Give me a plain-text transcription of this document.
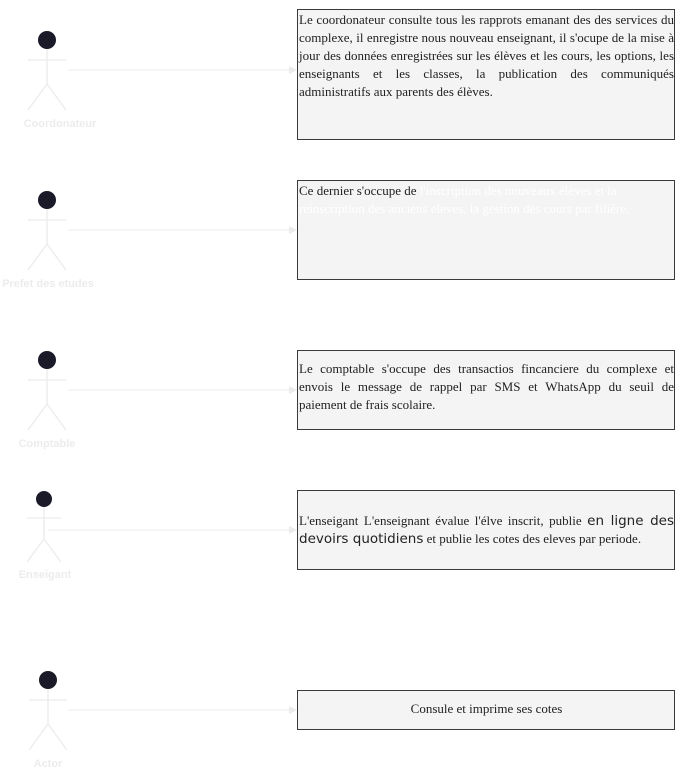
Coordonateur
Prefet des etudes
Comptable
Enseigant
Actor
Le coordonateur consulte tous les rapprots emanant des des services du complexe, il enregistre nous nouveau enseignant, il s'ocupe de la mise à jour des données enregistrées sur les élèves et les cours, les options, les enseignants et les classes, la publication des communiqués administratifs aux parents des élèves.
Ce dernier s'occupe de l'inscription des nouveaux élèves et la reinscription des anciens eleves, la gestion des cours par filière.
Le comptable s'occupe des transactios fincanciere du complexe et envois le message de rappel par SMS et WhatsApp du seuil de paiement de frais scolaire.
L'enseigant L'enseignant évalue l'élve inscrit, publie en ligne des devoirs quotidiens et publie les cotes des eleves par periode.
Consule et imprime ses cotes
